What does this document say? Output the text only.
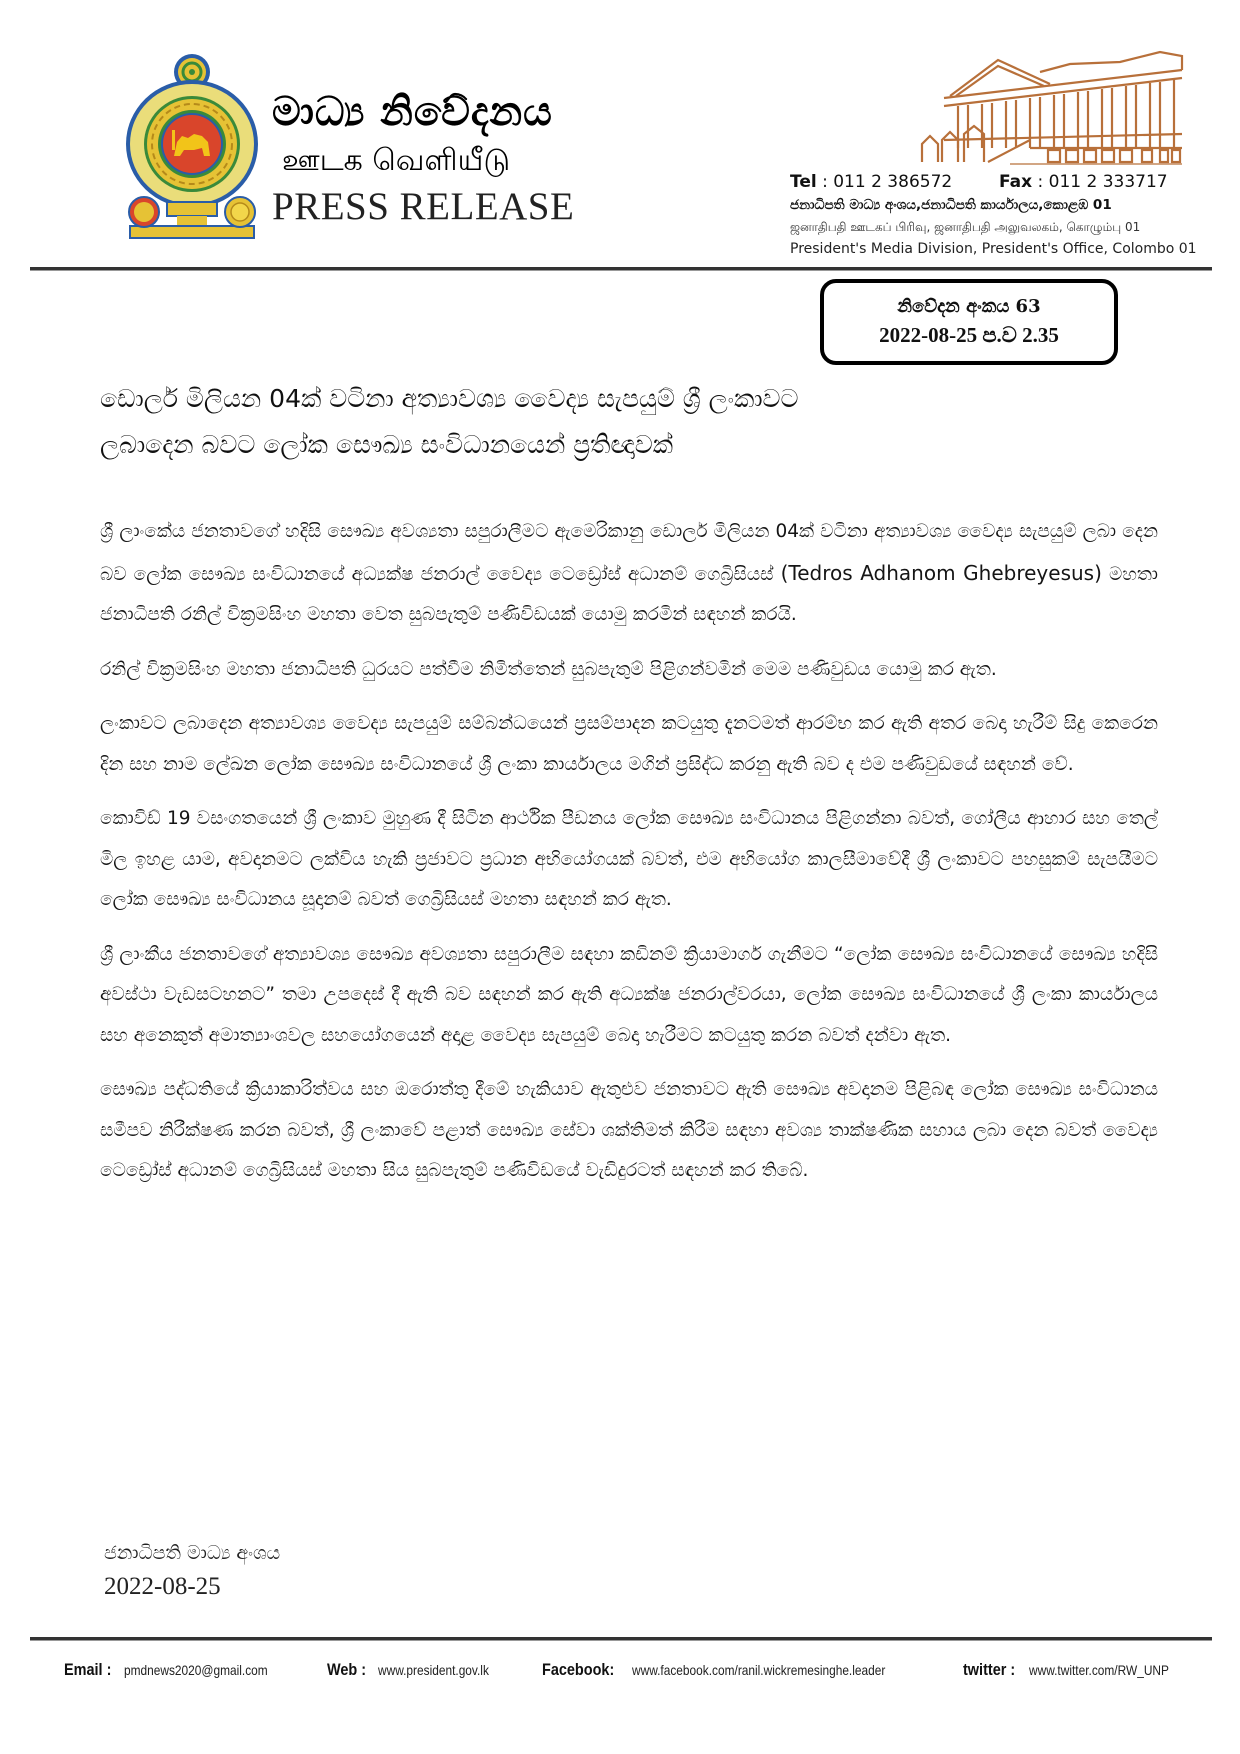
මාධ්‍ය නිවේදනය
ஊடக வெளியீடு
PRESS RELEASE
Tel : 011 2 386572	Fax : 011 2 333717
ජනාධිපති මාධ්‍ය අංශය,ජනාධිපති කාර්යාලය,කොළඹ 01
ஜனாதிபதி ஊடகப் பிரிவு, ஜனாதிபதி அலுவலகம், கொழும்பு 01
President's Media Division, President's Office, Colombo 01
නිවේදන අංකය 63
2022-08-25 ප.ව 2.35
ඩොලර් මිලියන 04ක් වටිනා අත්‍යාවශ්‍ය වෛද්‍ය සැපයුම් ශ්‍රී ලංකාවට
ලබාදෙන බවට ලෝක සෞඛ්‍ය සංවිධානයෙන් ප්‍රතිඥාවක්

ශ්‍රී ලාංකේය ජනතාවගේ හදිසි සෞඛ්‍ය අවශ්‍යතා සපුරාලීමට ඇමෙරිකානු ඩොලර් මිලියන 04ක් වටිනා අත්‍යාවශ්‍ය වෛද්‍ය සැපයුම් ලබා දෙන බව ලෝක සෞඛ්‍ය සංවිධානයේ අධ්‍යක්ෂ ජනරාල් වෛද්‍ය ටෙඩ්‍රෝස් අධානම් ගෙබ්‍රිසියස් (Tedros Adhanom Ghebreyesus) මහතා ජනාධිපති රනිල් වික්‍රමසිංහ මහතා වෙත සුබපැතුම් පණිවිඩයක් යොමු කරමින් සඳහන් කරයි.

රනිල් වික්‍රමසිංහ මහතා ජනාධිපති ධුරයට පත්වීම නිමිත්තෙන් සුබපැතුම් පිළිගන්වමින් මෙම පණිවුඩය යොමු කර ඇත.

ලංකාවට ලබාදෙන අත්‍යාවශ්‍ය වෛද්‍ය සැපයුම් සම්බන්ධයෙන් ප්‍රසම්පාදන කටයුතු දැනටමත් ආරම්භ කර ඇති අතර බෙදා හැරීම් සිදු කෙරෙන දින සහ නාම ලේඛන ලෝක සෞඛ්‍ය සංවිධානයේ ශ්‍රී ලංකා කාර්යාලය මගින් ප්‍රසිද්ධ කරනු ඇති බව ද එම පණිවුඩයේ සඳහන් වේ.

කොවිඩ් 19 වසංගතයෙන් ශ්‍රී ලංකාව මුහුණ දී සිටින ආර්ථික පීඩනය ලෝක සෞඛ්‍ය සංවිධානය පිළිගන්නා බවත්, ගෝලීය ආහාර සහ තෙල් මිල ඉහළ යාම, අවදානමට ලක්විය හැකි ප්‍රජාවට ප්‍රධාන අභියෝගයක් බවත්, එම අභියෝග කාලසීමාවේදී ශ්‍රී ලංකාවට පහසුකම් සැපයීමට ලෝක සෞඛ්‍ය සංවිධානය සූදානම් බවත් ගෙබ්‍රිසියස් මහතා සඳහන් කර ඇත.

ශ්‍රී ලාංකීය ජනතාවගේ අත්‍යාවශ්‍ය සෞඛ්‍ය අවශ්‍යතා සපුරාලීම සඳහා කඩිනම් ක්‍රියාමාර්ග ගැනීමට “ලෝක සෞඛ්‍ය සංවිධානයේ සෞඛ්‍ය හදිසි අවස්ථා වැඩසටහනට” තමා උපදෙස් දී ඇති බව සඳහන් කර ඇති අධ්‍යක්ෂ ජනරාල්වරයා, ලෝක සෞඛ්‍ය සංවිධානයේ ශ්‍රී ලංකා කාර්යාලය සහ අනෙකුත් අමාත්‍යාංශවල සහයෝගයෙන් අදාළ වෛද්‍ය සැපයුම් බෙදා හැරීමට කටයුතු කරන බවත් දන්වා ඇත.

සෞඛ්‍ය පද්ධතියේ ක්‍රියාකාරිත්වය සහ ඔරොත්තු දීමේ හැකියාව ඇතුළුව ජනතාවට ඇති සෞඛ්‍ය අවදානම පිළිබඳ ලෝක සෞඛ්‍ය සංවිධානය සමීපව නිරීක්ෂණ කරන බවත්, ශ්‍රී ලංකාවේ පළාත් සෞඛ්‍ය සේවා ශක්තිමත් කිරීම සඳහා අවශ්‍ය තාක්ෂණික සහාය ලබා දෙන බවත් වෛද්‍ය ටෙඩ්‍රෝස් අධානම් ගෙබ්‍රිසියස් මහතා සිය සුබපැතුම් පණිවිඩයේ වැඩිදුරටත් සඳහන් කර තිබේ.

ජනාධිපති මාධ්‍ය අංශය
2022-08-25
Email :
pmdnews2020@gmail.com	Web :
www.president.gov.lk	Facebook:
www.facebook.com/ranil.wickremesinghe.leader	twitter :
www.twitter.com/RW_UNP
